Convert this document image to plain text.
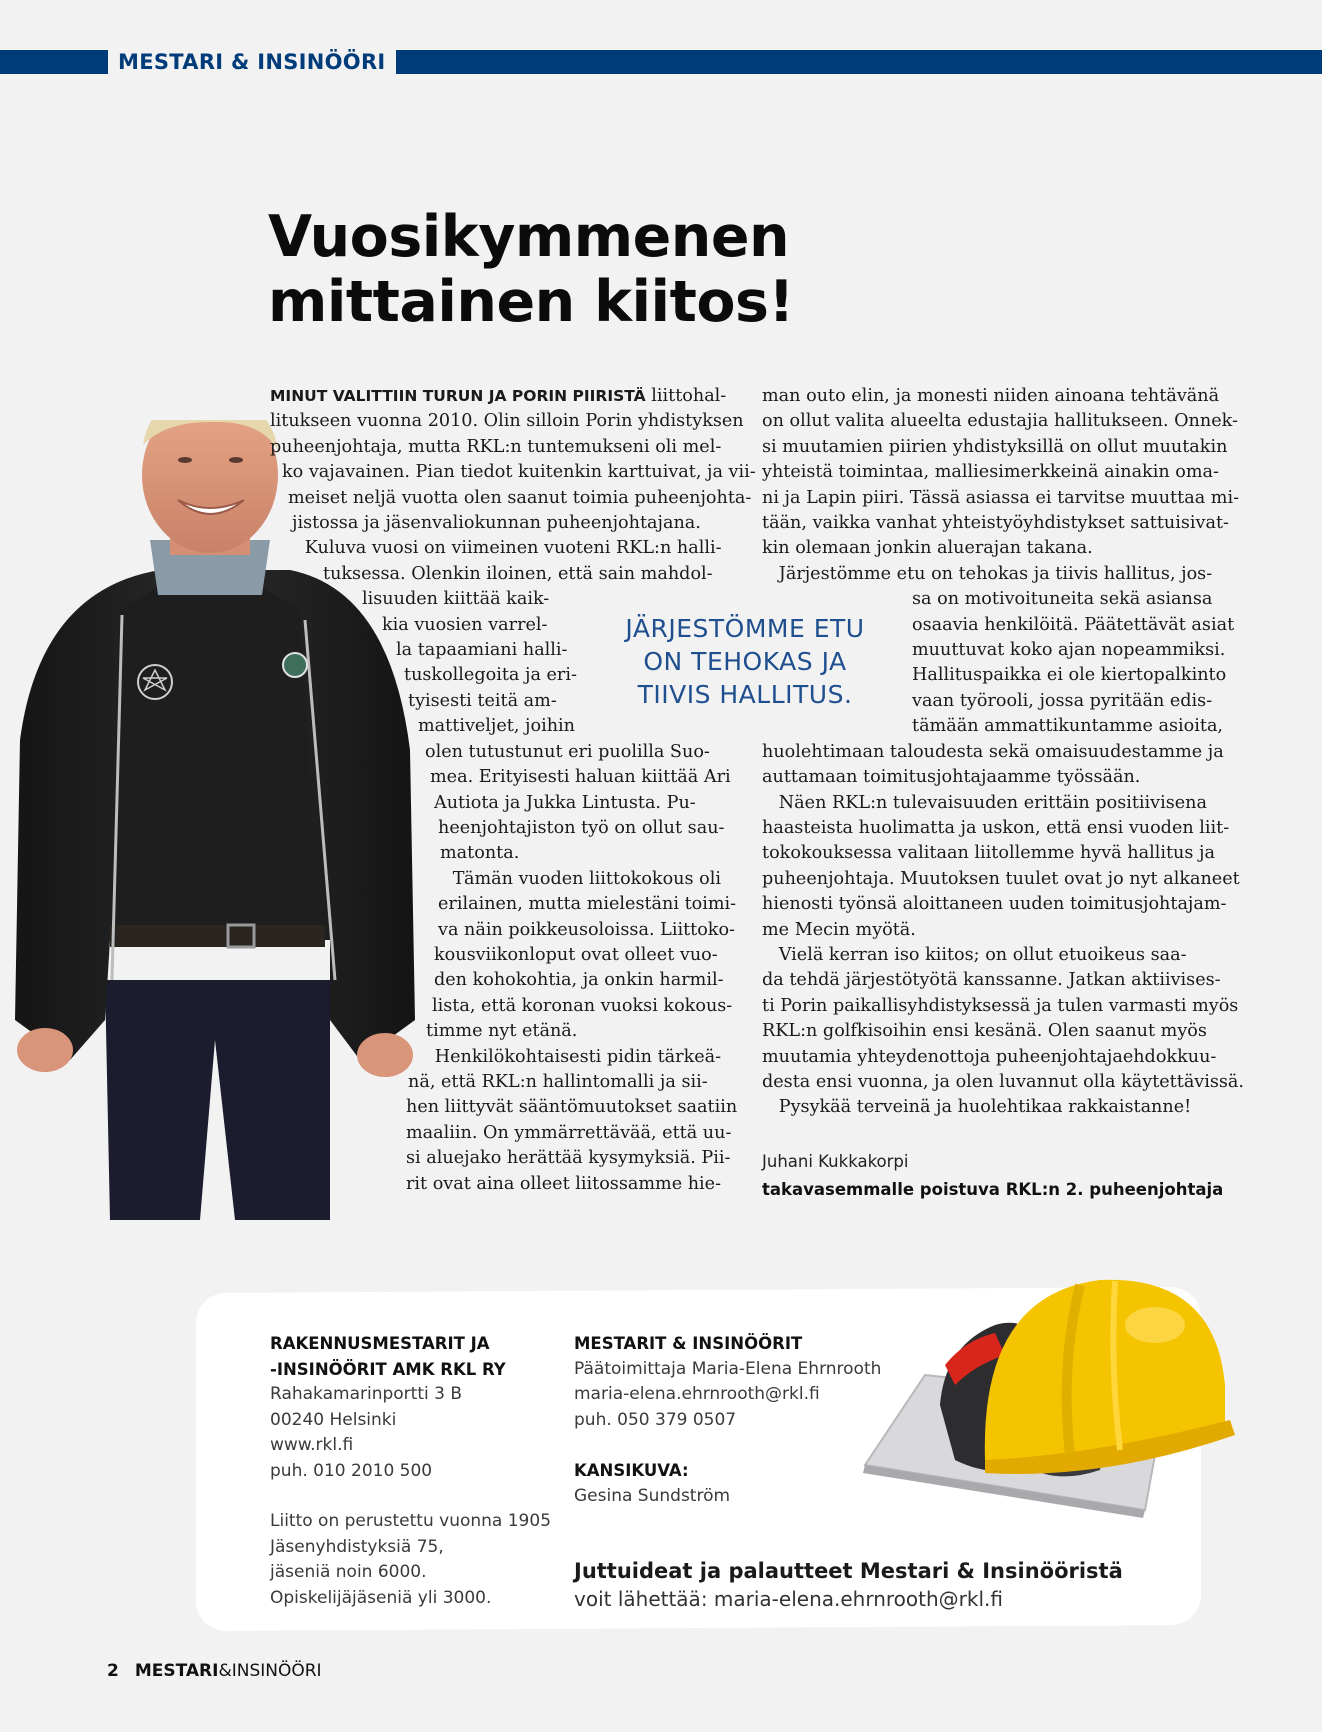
MESTARI & INSINÖÖRI
Vuosikymmenen
mittainen kiitos!

MINUT VALITTIIN TURUN JA PORIN PIIRISTÄ liittohal-

litukseen vuonna 2010. Olin silloin Porin yhdistyksen

puheenjohtaja, mutta RKL:n tuntemukseni oli mel-

ko vajavainen. Pian tiedot kuitenkin karttuivat, ja vii-

meiset neljä vuotta olen saanut toimia puheenjohta-

jistossa ja jäsenvaliokunnan puheenjohtajana.

Kuluva vuosi on viimeinen vuoteni RKL:n halli-

tuksessa. Olenkin iloinen, että sain mahdol-

lisuuden kiittää kaik-

kia vuosien varrel-

la tapaamiani halli-

tuskollegoita ja eri-

tyisesti teitä am-

mattiveljet, joihin

olen tutustunut eri puolilla Suo-

mea. Erityisesti haluan kiittää Ari

Autiota ja Jukka Lintusta. Pu-

heenjohtajiston työ on ollut sau-

matonta.

Tämän vuoden liittokokous oli

erilainen, mutta mielestäni toimi-

va näin poikkeusoloissa. Liittoko-

kousviikonloput ovat olleet vuo-

den kohokohtia, ja onkin harmil-

lista, että koronan vuoksi kokous-

timme nyt etänä.

Henkilökohtaisesti pidin tärkeä-

nä, että RKL:n hallintomalli ja sii-

hen liittyvät sääntömuutokset saatiin

maaliin. On ymmärrettävää, että uu-

si aluejako herättää kysymyksiä. Pii-

rit ovat aina olleet liitossamme hie-

JÄRJESTÖMME ETU
ON TEHOKAS JA
TIIVIS HALLITUS.

man outo elin, ja monesti niiden ainoana tehtävänä

on ollut valita alueelta edustajia hallitukseen. Onnek-

si muutamien piirien yhdistyksillä on ollut muutakin

yhteistä toimintaa, malliesimerkkeinä ainakin oma-

ni ja Lapin piiri. Tässä asiassa ei tarvitse muuttaa mi-

tään, vaikka vanhat yhteistyöyhdistykset sattuisivat-

kin olemaan jonkin aluerajan takana.

Järjestömme etu on tehokas ja tiivis hallitus, jos-

sa on motivoituneita sekä asiansa

osaavia henkilöitä. Päätettävät asiat

muuttuvat koko ajan nopeammiksi.

Hallituspaikka ei ole kiertopalkinto

vaan työrooli, jossa pyritään edis-

tämään ammattikuntamme asioita,

huolehtimaan taloudesta sekä omaisuudestamme ja

auttamaan toimitusjohtajaamme työssään.

Näen RKL:n tulevaisuuden erittäin positiivisena

haasteista huolimatta ja uskon, että ensi vuoden liit-

tokokouksessa valitaan liitollemme hyvä hallitus ja

puheenjohtaja. Muutoksen tuulet ovat jo nyt alkaneet

hienosti työnsä aloittaneen uuden toimitusjohtajam-

me Mecin myötä.

Vielä kerran iso kiitos; on ollut etuoikeus saa-

da tehdä järjestötyötä kanssanne. Jatkan aktiivises-

ti Porin paikallisyhdistyksessä ja tulen varmasti myös

RKL:n golfkisoihin ensi kesänä. Olen saanut myös

muutamia yhteydenottoja puheenjohtajaehdokkuu-

desta ensi vuonna, ja olen luvannut olla käytettävissä.

Pysykää terveinä ja huolehtikaa rakkaistanne!

Juhani Kukkakorpi
takavasemmalle poistuva RKL:n 2. puheenjohtaja
RAKENNUSMESTARIT JA
-INSINÖÖRIT AMK RKL RY
Rahakamarinportti 3 B
00240 Helsinki
www.rkl.fi
puh. 010 2010 500
Liitto on perustettu vuonna 1905
Jäsenyhdistyksiä 75,
jäseniä noin 6000.
Opiskelijäjäseniä yli 3000.
MESTARIT & INSINÖÖRIT
Päätoimittaja Maria-Elena Ehrnrooth
maria-elena.ehrnrooth@rkl.fi
puh. 050 379 0507
KANSIKUVA:
Gesina Sundström
Juttuideat ja palautteet Mestari & Insinööristä
voit lähettää: maria-elena.ehrnrooth@rkl.fi
2 MESTARI&INSINÖÖRI
